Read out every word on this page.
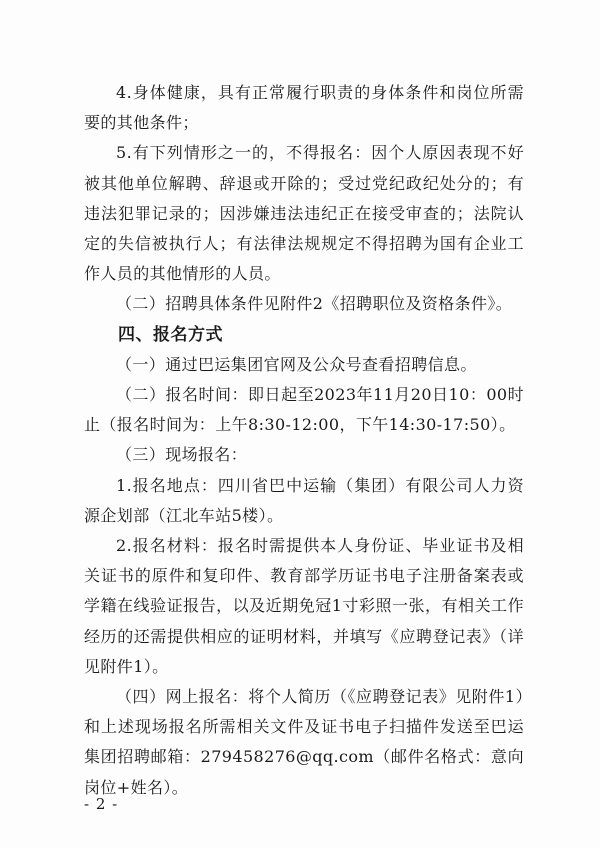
4.身体健康，具有正常履行职责的身体条件和岗位所需要的其他条件；

5.有下列情形之一的，不得报名：因个人原因表现不好被其他单位解聘、辞退或开除的；受过党纪政纪处分的；有违法犯罪记录的；因涉嫌违法违纪正在接受审查的；法院认定的失信被执行人；有法律法规规定不得招聘为国有企业工作人员的其他情形的人员。

（二）招聘具体条件见附件2《招聘职位及资格条件》。

四、报名方式

（一）通过巴运集团官网及公众号查看招聘信息。

（二）报名时间：即日起至2023年11月20日10：00时止（报名时间为：上午8:30-12:00，下午14:30-17:50）。

（三）现场报名：

1.报名地点：四川省巴中运输（集团）有限公司人力资源企划部（江北车站5楼）。

2.报名材料：报名时需提供本人身份证、毕业证书及相关证书的原件和复印件、教育部学历证书电子注册备案表或学籍在线验证报告，以及近期免冠1寸彩照一张，有相关工作经历的还需提供相应的证明材料，并填写《应聘登记表》（详见附件1）。

（四）网上报名：将个人简历（《应聘登记表》见附件1）和上述现场报名所需相关文件及证书电子扫描件发送至巴运集团招聘邮箱：279458276@qq.com（邮件名格式：意向岗位+姓名）。

- 2 -
